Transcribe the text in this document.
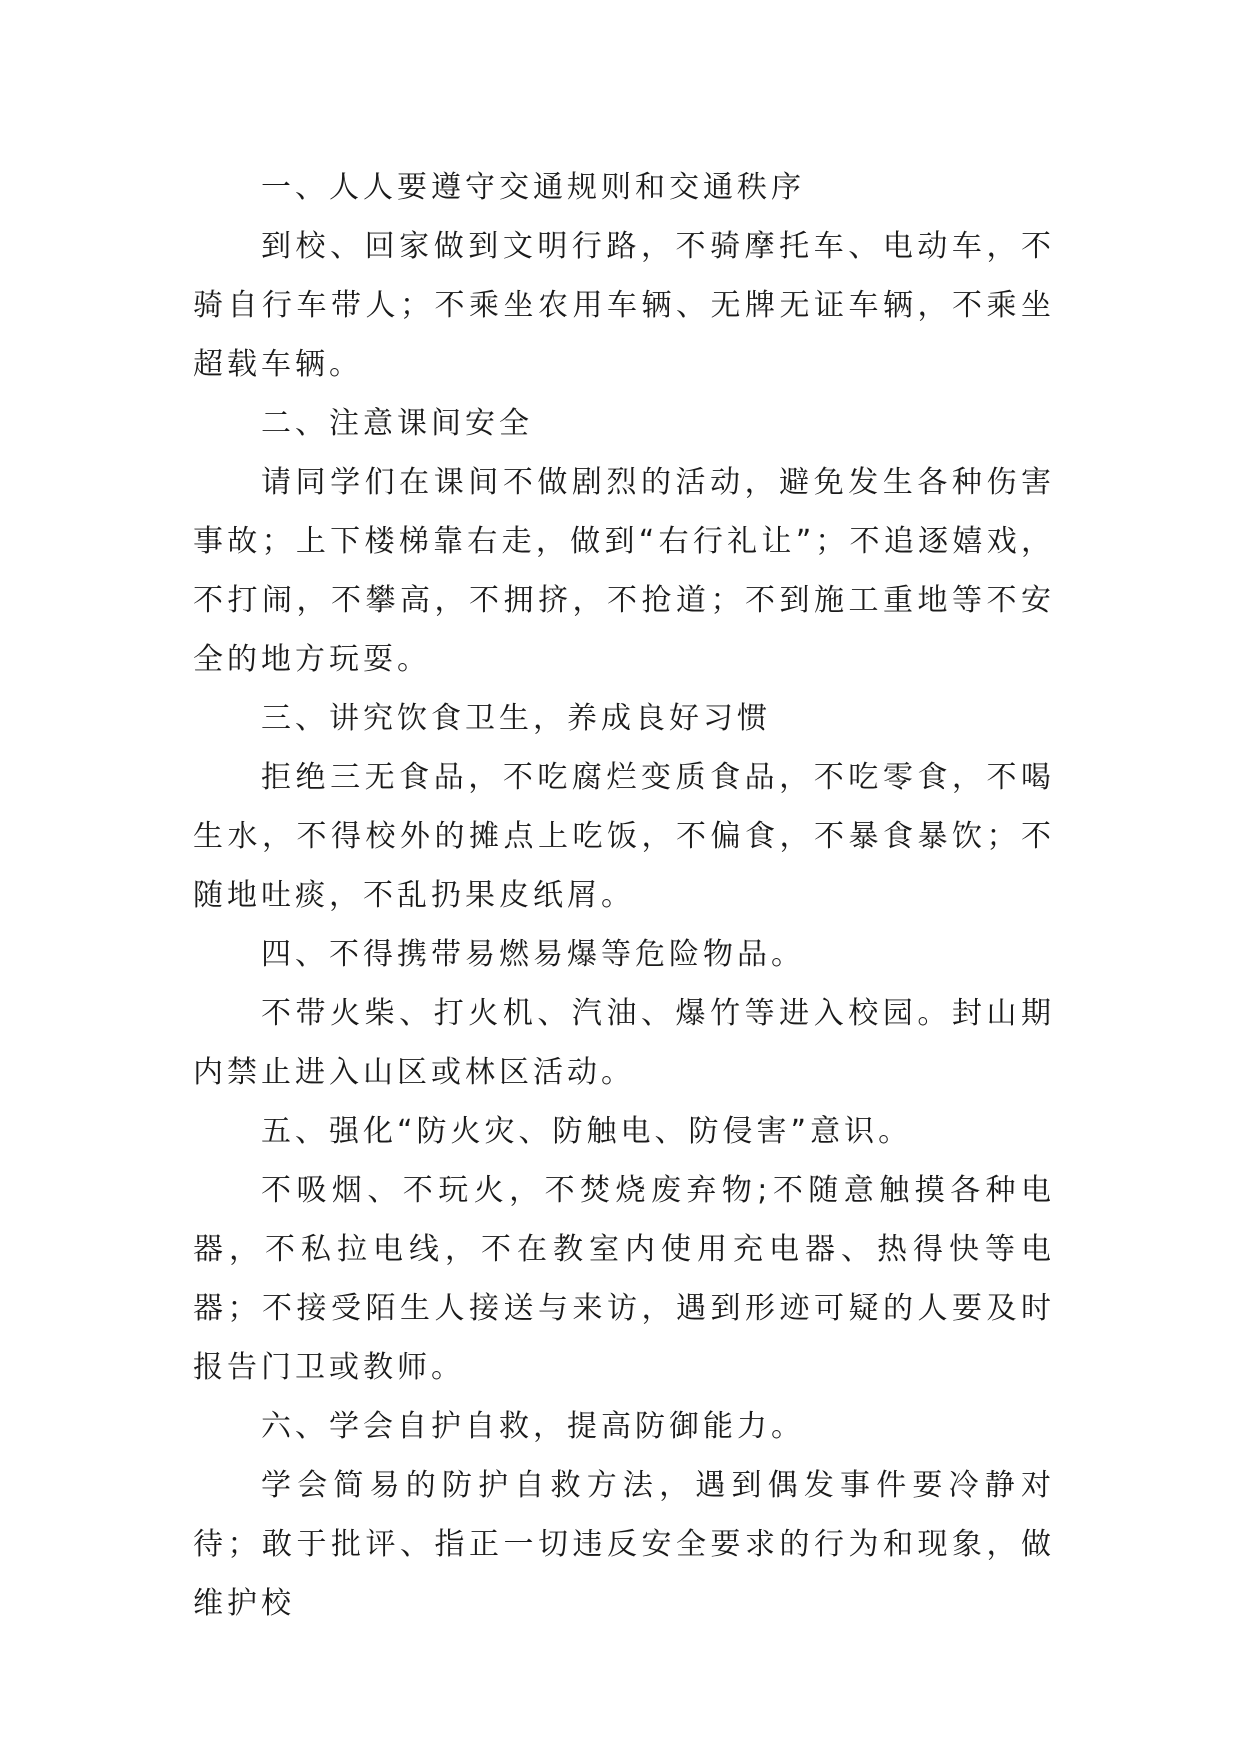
一、人人要遵守交通规则和交通秩序

到校、回家做到文明行路，不骑摩托车、电动车，不骑自行车带人；不乘坐农用车辆、无牌无证车辆，不乘坐超载车辆。

二、注意课间安全

请同学们在课间不做剧烈的活动，避免发生各种伤害事故；上下楼梯靠右走，做到“右行礼让”；不追逐嬉戏，不打闹，不攀高，不拥挤，不抢道；不到施工重地等不安全的地方玩耍。

三、讲究饮食卫生，养成良好习惯

拒绝三无食品，不吃腐烂变质食品，不吃零食，不喝生水，不得校外的摊点上吃饭，不偏食，不暴食暴饮；不随地吐痰，不乱扔果皮纸屑。

四、不得携带易燃易爆等危险物品。

不带火柴、打火机、汽油、爆竹等进入校园。封山期内禁止进入山区或林区活动。

五、强化“防火灾、防触电、防侵害”意识。

不吸烟、不玩火，不焚烧废弃物;不随意触摸各种电器，不私拉电线，不在教室内使用充电器、热得快等电器；不接受陌生人接送与来访，遇到形迹可疑的人要及时报告门卫或教师。

六、学会自护自救，提高防御能力。

学会简易的防护自救方法，遇到偶发事件要冷静对待；敢于批评、指正一切违反安全要求的行为和现象，做维护校
